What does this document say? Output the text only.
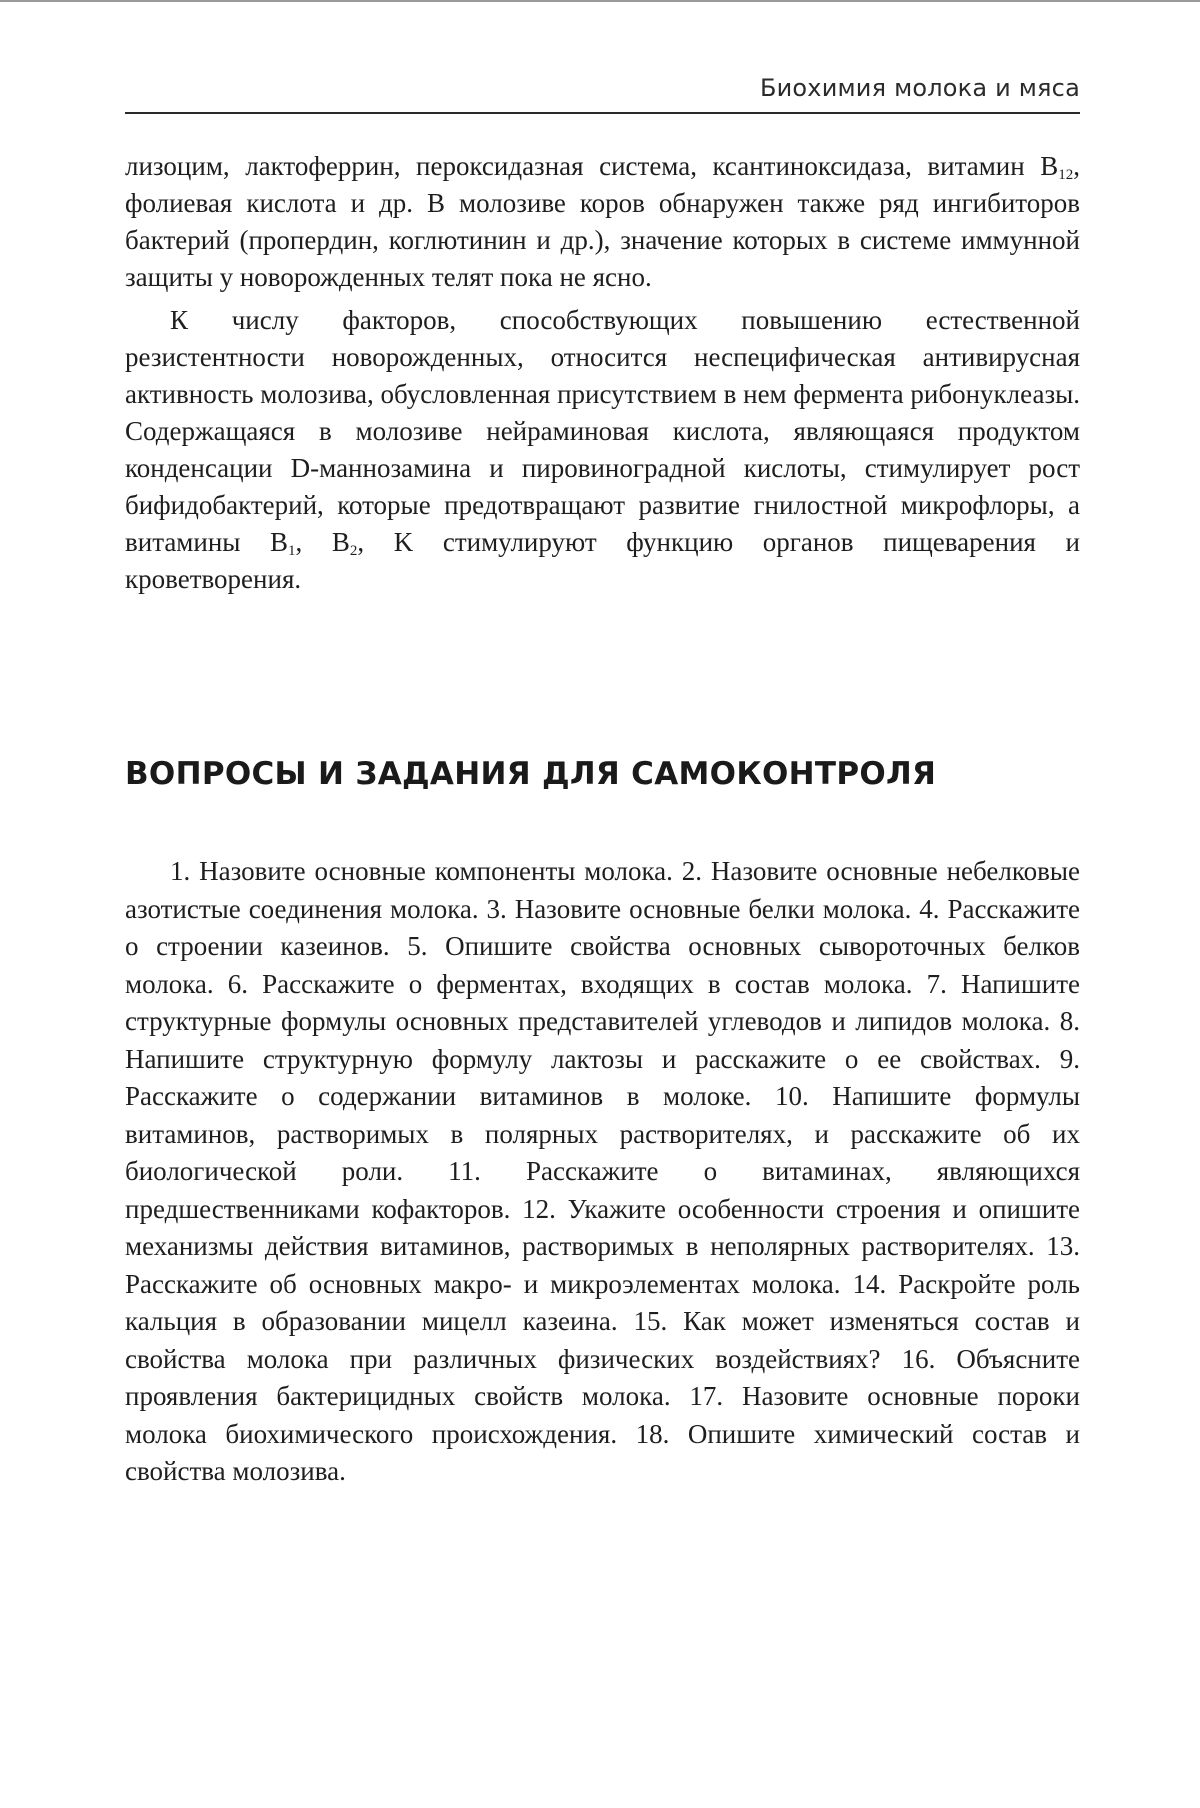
Биохимия молока и мяса

лизоцим, лактоферрин, пероксидазная система, ксантиноксидаза, витамин $B_{12}$, фолиевая кислота и др. В молозиве коров обнаружен также ряд ингибиторов бактерий (пропердин, коглютинин и др.), значение которых в системе иммунной защиты у новорожденных телят пока не ясно.

К числу факторов, способствующих повышению естественной резистентности новорожденных, относится неспецифическая антивирусная активность молозива, обусловленная присутствием в нем фермента рибонуклеазы. Содержащаяся в молозиве нейраминовая кислота, являющаяся продуктом конденсации D-маннозамина и пировиноградной кислоты, стимулирует рост бифидобактерий, которые предотвращают развитие гнилостной микрофлоры, а витамины $B_1$, $B_2$, K стимулируют функцию органов пищеварения и кроветворения.

ВОПРОСЫ И ЗАДАНИЯ ДЛЯ САМОКОНТРОЛЯ

1. Назовите основные компоненты молока. 2. Назовите основные небелковые азотистые соединения молока. 3. Назовите основные белки молока. 4. Расскажите о строении казеинов. 5. Опишите свойства основных сывороточных белков молока. 6. Расскажите о ферментах, входящих в состав молока. 7. Напишите структурные формулы основных представителей углеводов и липидов молока. 8. Напишите структурную формулу лактозы и расскажите о ее свойствах. 9. Расскажите о содержании витаминов в молоке. 10. Напишите формулы витаминов, растворимых в полярных растворителях, и расскажите об их биологической роли. 11. Расскажите о витаминах, являющихся предшественниками кофакторов. 12. Укажите особенности строения и опишите механизмы действия витаминов, растворимых в неполярных растворителях. 13. Расскажите об основных макро- и микроэлементах молока. 14. Раскройте роль кальция в образовании мицелл казеина. 15. Как может изменяться состав и свойства молока при различных физических воздействиях? 16. Объясните проявления бактерицидных свойств молока. 17. Назовите основные пороки молока биохимического происхождения. 18. Опишите химический состав и свойства молозива.
